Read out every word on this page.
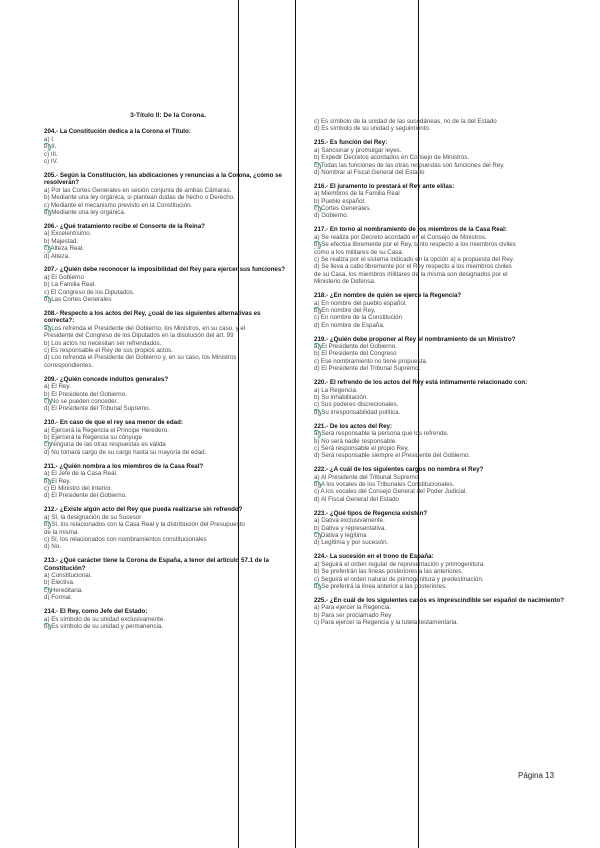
3-Título II: De la Corona.
204.- La Constitución dedica a la Corona el Título:
a) I.
b) II.
c) III.
c) IV.
205.- Según la Constitución, las abdicaciones y renuncias a la Corona, ¿cómo se resolverán?
a) Por las Cortes Generales en sesión conjunta de ambas Cámaras.
b) Mediante una ley orgánica, si plantean dudas de hecho o Derecho.
c) Mediante el mecanismo previsto en la Constitución.
d) Mediante una ley orgánica.
206.- ¿Qué tratamiento recibe el Consorte de la Reina?
a) Excelentísimo.
b) Majestad.
c) Alteza Real.
d) Alteza.
207.- ¿Quién debe reconocer la imposibilidad del Rey para ejercer sus funciones?
a) El Gobierno
b) La Familia Real.
c) El Congreso de los Diputados.
d) Las Cortes Generales
208.- Respecto a los actos del Rey, ¿cuál de las siguientes alternativas es correcta?:
a) Los refrenda el Presidente del Gobierno, los Ministros, en su caso, y el
Presidente del Congreso de los Diputados en la disolución del art. 99
b) Los actos no necesitan ser refrendados.
c) Es responsable el Rey de sus propios actos.
d) Los refrenda el Presidente del Gobierno y, en su caso, los Ministros
correspondientes.
209.- ¿Quién concede indultos generales?
a) El Rey.
b) El Presidente del Gobierno.
c) No se pueden conceder.
d) El Presidente del Tribunal Supremo.
210.- En caso de que el rey sea menor de edad:
a) Ejercerá la Regencia el Príncipe Heredero.
b) Ejercerá la Regencia su cónyuge
c) Ninguna de las otras respuestas es válida
d) No tomará cargo de su cargo hasta su mayoría de edad.
211.- ¿Quién nombra a los miembros de la Casa Real?
a) El Jefe de la Casa Real.
b) El Rey.
c) El Ministro del Interior.
d) El Presidente del Gobierno.
212.- ¿Existe algún acto del Rey que pueda realizarse sin refrendo?
a) Sí, la designación de su Sucesor
b) Sí, los relacionados con la Casa Real y la distribución del Presupuesto
de la misma.
c) Sí, los relacionados con nombramientos constitucionales
d) No.
213.- ¿Qué carácter tiene la Corona de España, a tenor del artículo 57.1 de la Constitución?
a) Constitucional.
b) Electiva.
c) Hereditaria.
d) Formal.
214.- El Rey, como Jefe del Estado:
a) Es símbolo de su unidad exclusivamente.
b) Es símbolo de su unidad y permanencia.
c) Es símbolo de la unidad de las sucedáneas, no de la del Estado
d) Es símbolo de su unidad y seguimiento.
215.- Es función del Rey:
a) Sancionar y promulgar leyes.
b) Expedir Decretos acordados en Consejo de Ministros.
c) Todas las funciones de las otras respuestas son funciones del Rey.
d) Nombrar al Fiscal General del Estado
216.- El juramento lo prestará el Rey ante el/las:
a) Miembros de la Familia Real
b) Pueblo español.
c) Cortes Generales.
d) Gobierno.
217.- En torno al nombramiento de los miembros de la Casa Real:
a) Se realiza por Decreto acordado en el Consejo de Ministros.
b) Se efectúa libremente por el Rey, tanto respecto a los miembros civiles
como a los militares de su Casa.
c) Se realiza por el sistema indicado en la opción a) a propuesta del Rey.
d) Se lleva a cabo libremente por el Rey respecto a los miembros civiles
de su Casa, los miembros militares de la misma son designados por el
Ministerio de Defensa.
218.- ¿En nombre de quién se ejerce la Regencia?
a) En nombre del pueblo español.
b) En nombre del Rey.
c) En nombre de la Constitución
d) En nombre de España.
219.- ¿Quién debe proponer al Rey el nombramiento de un Ministro?
a) El Presidente del Gobierno.
b) El Presidente del Congreso
c) Ese nombramiento no tiene propuesta.
d) El Presidente del Tribunal Supremo.
220.- El refrendo de los actos del Rey está íntimamente relacionado con:
a) La Regencia.
b) Su inhabilitación.
c) Sus poderes discrecionales.
d) Su irresponsabilidad política.
221.- De los actos del Rey:
a) Será responsable la persona que los refrende.
b) No será nadie responsable.
c) Será responsable el propio Rey.
d) Será responsable siempre el Presidente del Gobierno.
222.- ¿A cuál de los siguientes cargos no nombra el Rey?
a) Al Presidente del Tribunal Supremo.
b) A los vocales de los Tribunales Constitucionales.
c) A los vocales del Consejo General del Poder Judicial.
d) Al Fiscal General del Estado
223.- ¿Qué tipos de Regencia existen?
a) Dativa exclusivamente.
b) Dativa y representativa.
c) Dativa y legítima
d) Legítima y por sucesión.
224.- La sucesión en el trono de España:
a) Seguirá el orden regular de representación y primogenitura.
b) Se preferirán las líneas posteriores a las anteriores.
c) Seguirá el orden natural de primogenitura y predestinación.
d) Se preferirá la línea anterior a las posteriores.
225.- ¿En cuál de los siguientes casos es imprescindible ser español de nacimiento?
a) Para ejercer la Regencia.
b) Para ser proclamado Rey
c) Para ejercer la Regencia y la tutela testamentaria.
Página 13
